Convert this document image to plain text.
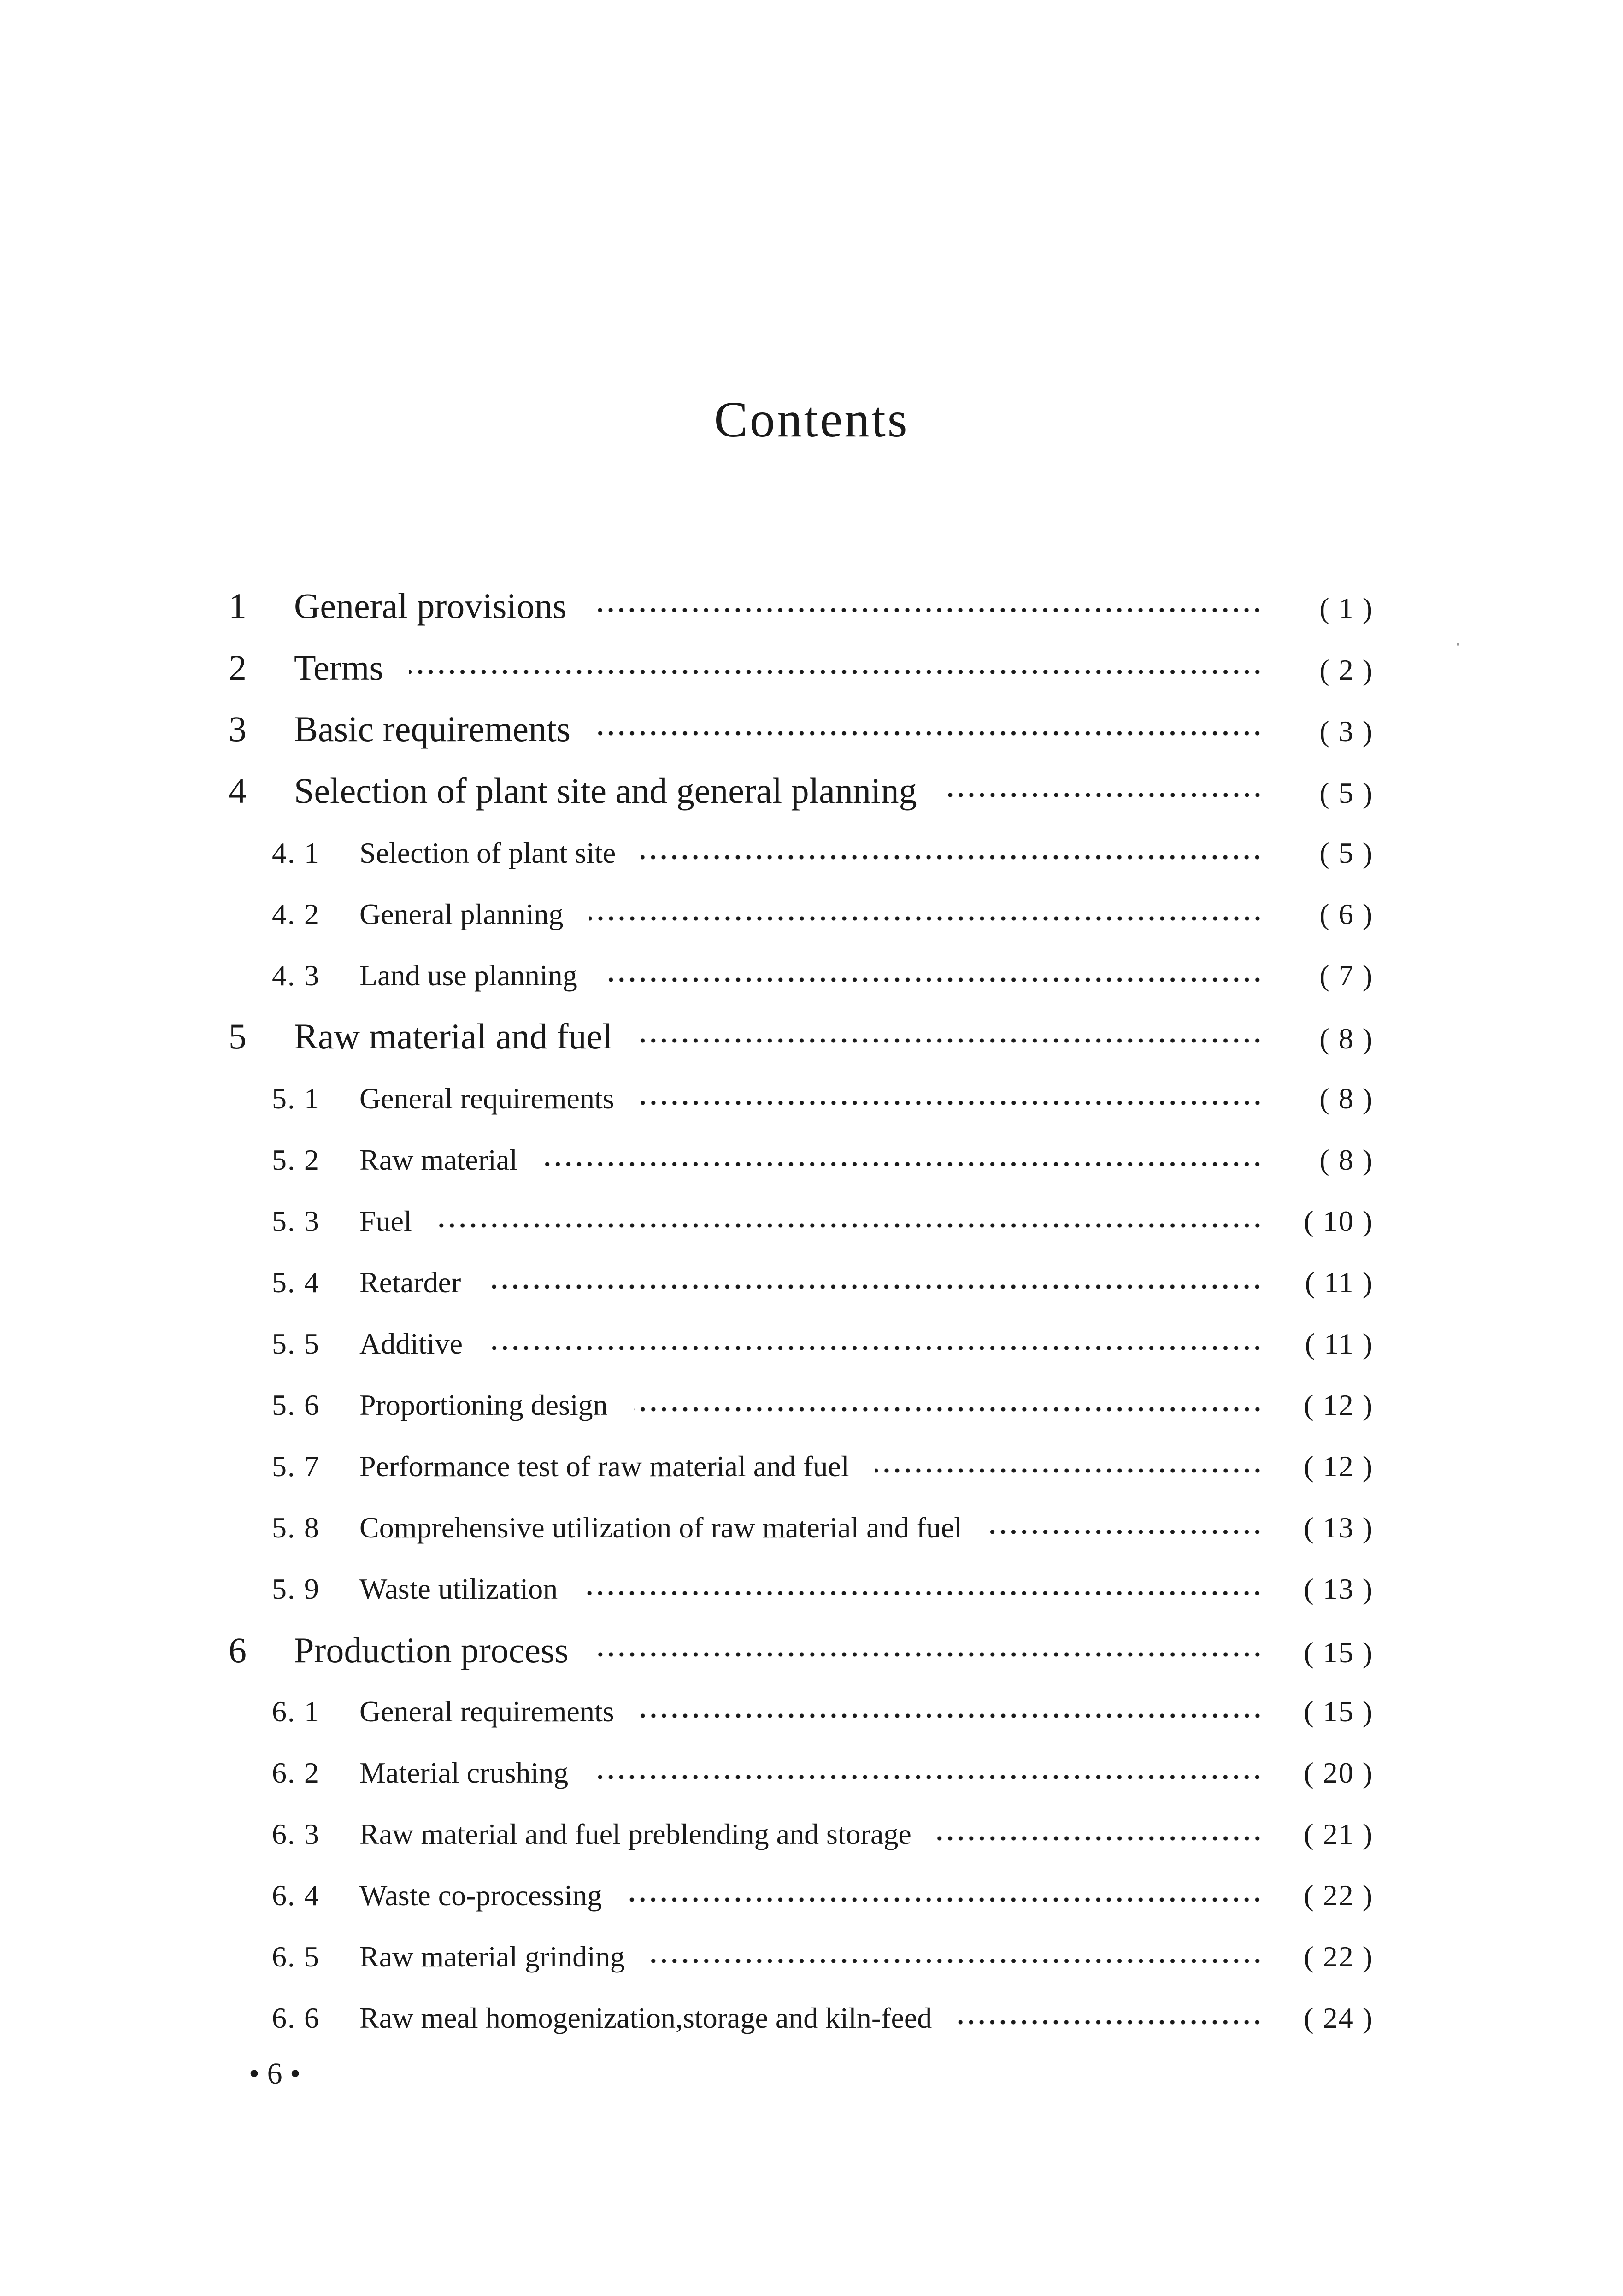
Contents
1	General provisions	( 1 )
2	Terms	( 2 )
3	Basic requirements	( 3 )
4	Selection of plant site and general planning	( 5 )
4. 1	Selection of plant site	( 5 )
4. 2	General planning	( 6 )
4. 3	Land use planning	( 7 )
5	Raw material and fuel	( 8 )
5. 1	General requirements	( 8 )
5. 2	Raw material	( 8 )
5. 3	Fuel	( 10 )
5. 4	Retarder	( 11 )
5. 5	Additive	( 11 )
5. 6	Proportioning design	( 12 )
5. 7	Performance test of raw material and fuel	( 12 )
5. 8	Comprehensive utilization of raw material and fuel	( 13 )
5. 9	Waste utilization	( 13 )
6	Production process	( 15 )
6. 1	General requirements	( 15 )
6. 2	Material crushing	( 20 )
6. 3	Raw material and fuel preblending and storage	( 21 )
6. 4	Waste co-processing	( 22 )
6. 5	Raw material grinding	( 22 )
6. 6	Raw meal homogenization,storage and kiln-feed	( 24 )
• 6 •
